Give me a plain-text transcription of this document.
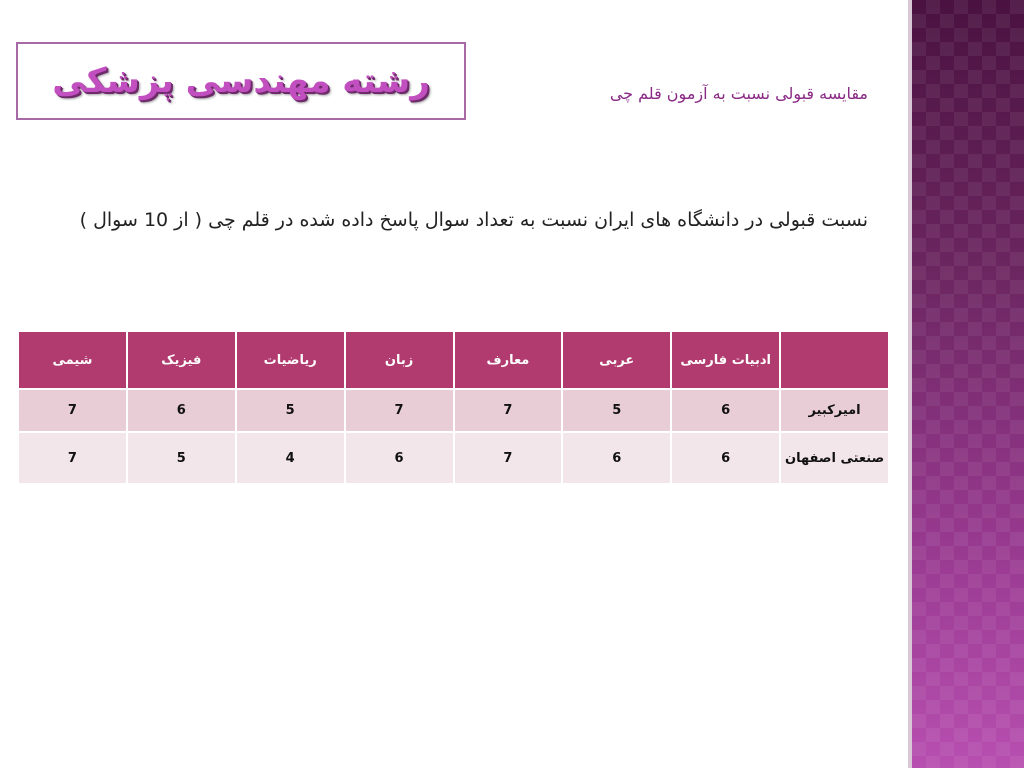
رشته مهندسی پزشکی	مقایسه قبولی نسبت به آزمون قلم چی
نسبت قبولی در دانشگاه های ایران نسبت به تعداد سوال پاسخ داده شده در قلم چی ( از 10 سوال )
	ادبیات فارسی	عربی	معارف	زبان	ریاضیات	فیزیک	شیمی
امیرکبیر	6	5	7	7	5	6	7
صنعتی اصفهان	6	6	7	6	4	5	7
